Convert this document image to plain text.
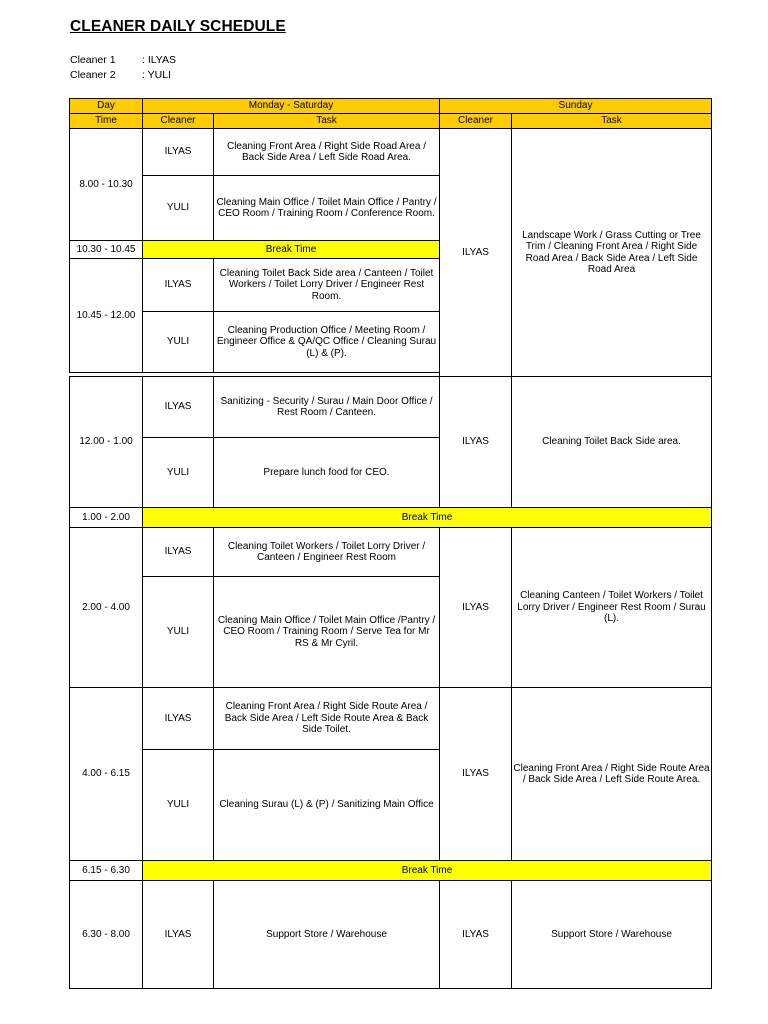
CLEANER DAILY SCHEDULE
Cleaner 1	: ILYAS
Cleaner 2	: YULI
Day	Monday - Saturday		Sunday	
Time	Cleaner	Task	Cleaner	Task
8.00 - 10.30	ILYAS	Cleaning Front Area / Right Side Road Area / Back Side Area / Left Side Road Area.	ILYAS	Landscape Work / Grass Cutting or Tree Trim / Cleaning Front Area / Right Side Road Area / Back Side Area / Left Side Road Area
	YULI	Cleaning Main Office / Toilet Main Office / Pantry / CEO Room / Training Room / Conference Room.		
10.30 - 10.45	Break Time			
10.45 - 12.00	ILYAS	Cleaning Toilet Back Side area / Canteen / Toilet Workers / Toilet Lorry Driver / Engineer Rest Room.		
	YULI	Cleaning Production Office / Meeting Room / Engineer Office & QA/QC Office / Cleaning Surau (L) & (P).		

12.00 - 1.00	ILYAS	Sanitizing - Security / Surau / Main Door Office / Rest Room / Canteen.	ILYAS	Cleaning Toilet Back Side area.
	YULI	Prepare lunch food for CEO.		
1.00 - 2.00	Break Time			
2.00 - 4.00	ILYAS	Cleaning Toilet Workers / Toilet Lorry Driver / Canteen / Engineer Rest Room	ILYAS	Cleaning Canteen / Toilet Workers / Toilet Lorry Driver / Engineer Rest Room / Surau (L).
	YULI	Cleaning Main Office / Toilet Main Office /Pantry / CEO Room / Training Room / Serve Tea for Mr RS & Mr Cyril.		
4.00 - 6.15	ILYAS	Cleaning Front Area / Right Side Route Area / Back Side Area / Left Side Route Area & Back Side Toilet.	ILYAS	Cleaning Front Area / Right Side Route Area / Back Side Area / Left Side Route Area.
	YULI	Cleaning Surau (L) & (P) / Sanitizing Main Office		
6.15 - 6.30	Break Time			
6.30 - 8.00	ILYAS	Support Store / Warehouse	ILYAS	Support Store / Warehouse
